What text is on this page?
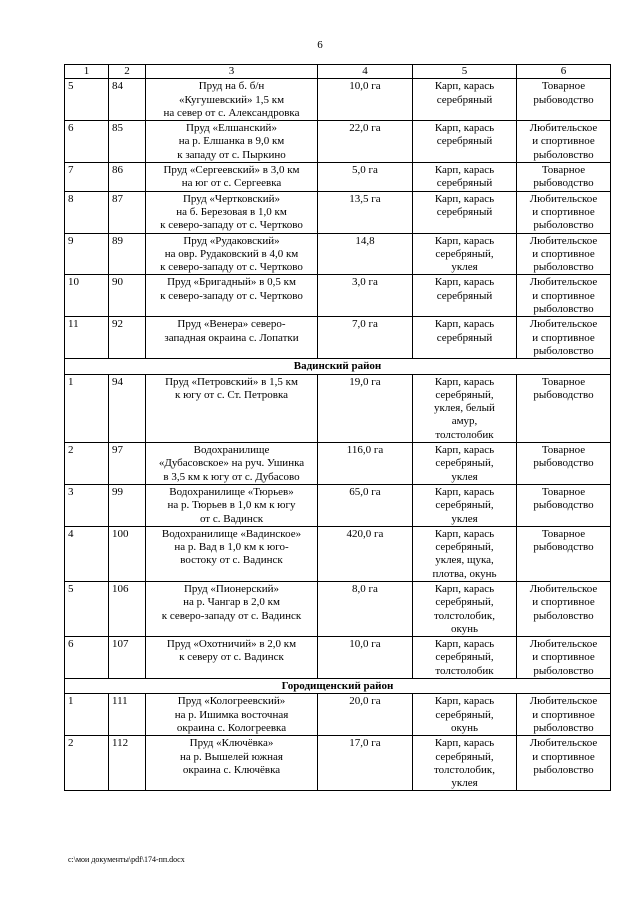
6
1	2	3	4	5	6
5	84	Пруд на б. б/н
«Кугушевский» 1,5 км
на север от с. Александровка	10,0 га	Карп, карась
серебряный	Товарное
рыбоводство

6	85	Пруд «Елшанский»
на р. Елшанка в 9,0 км
к западу от с. Пыркино	22,0 га	Карп, карась
серебряный	Любительское
и спортивное
рыболовство

7	86	Пруд «Сергеевский» в 3,0 км
на юг от с. Сергеевка	5,0 га	Карп, карась
серебряный	Товарное
рыбоводство

8	87	Пруд «Чертковский»
на б. Березовая в 1,0 км
к северо-западу от с. Чертково	13,5 га	Карп, карась
серебряный	Любительское
и спортивное
рыболовство

9	89	Пруд «Рудаковский»
на овр. Рудаковский в 4,0 км
к северо-западу от с. Чертково	14,8	Карп, карась
серебряный,
уклея	Любительское
и спортивное
рыболовство

10	90	Пруд «Бригадный» в 0,5 км
к северо-западу от с. Чертково	3,0 га	Карп, карась
серебряный	Любительское
и спортивное
рыболовство

11	92	Пруд «Венера» северо-
западная окраина с. Лопатки	7,0 га	Карп, карась
серебряный	Любительское
и спортивное
рыболовство

Вадинский район					
1	94	Пруд «Петровский» в 1,5 км
к югу от с. Ст. Петровка	19,0 га	Карп, карась
серебряный,
уклея, белый
амур,
толстолобик	Товарное
рыбоводство

2	97	Водохранилище
«Дубасовское» на руч. Ушинка
в 3,5 км к югу от с. Дубасово	116,0 га	Карп, карась
серебряный,
уклея	Товарное
рыбоводство

3	99	Водохранилище «Тюрьев»
на р. Тюрьев в 1,0 км к югу
от с. Вадинск	65,0 га	Карп, карась
серебряный,
уклея	Товарное
рыбоводство

4	100	Водохранилище «Вадинское»
на р. Вад в 1,0 км к юго-
востоку от с. Вадинск	420,0 га	Карп, карась
серебряный,
уклея, щука,
плотва, окунь	Товарное
рыбоводство

5	106	Пруд «Пионерский»
на р. Чангар в 2,0 км
к северо-западу от с. Вадинск	8,0 га	Карп, карась
серебряный,
толстолобик,
окунь	Любительское
и спортивное
рыболовство

6	107	Пруд «Охотничий» в 2,0 км
к северу от с. Вадинск	10,0 га	Карп, карась
серебряный,
толстолобик	Любительское
и спортивное
рыболовство

Городищенский район					
1	111	Пруд «Кологреевский»
на р. Ишимка восточная
окраина с. Кологреевка	20,0 га	Карп, карась
серебряный,
окунь	Любительское
и спортивное
рыболовство

2	112	Пруд «Ключёвка»
на р. Вышелей южная
окраина с. Ключёвка	17,0 га	Карп, карась
серебряный,
толстолобик,
уклея	Любительское
и спортивное
рыболовство
c:\мои документы\pdf\174-пп.docx
